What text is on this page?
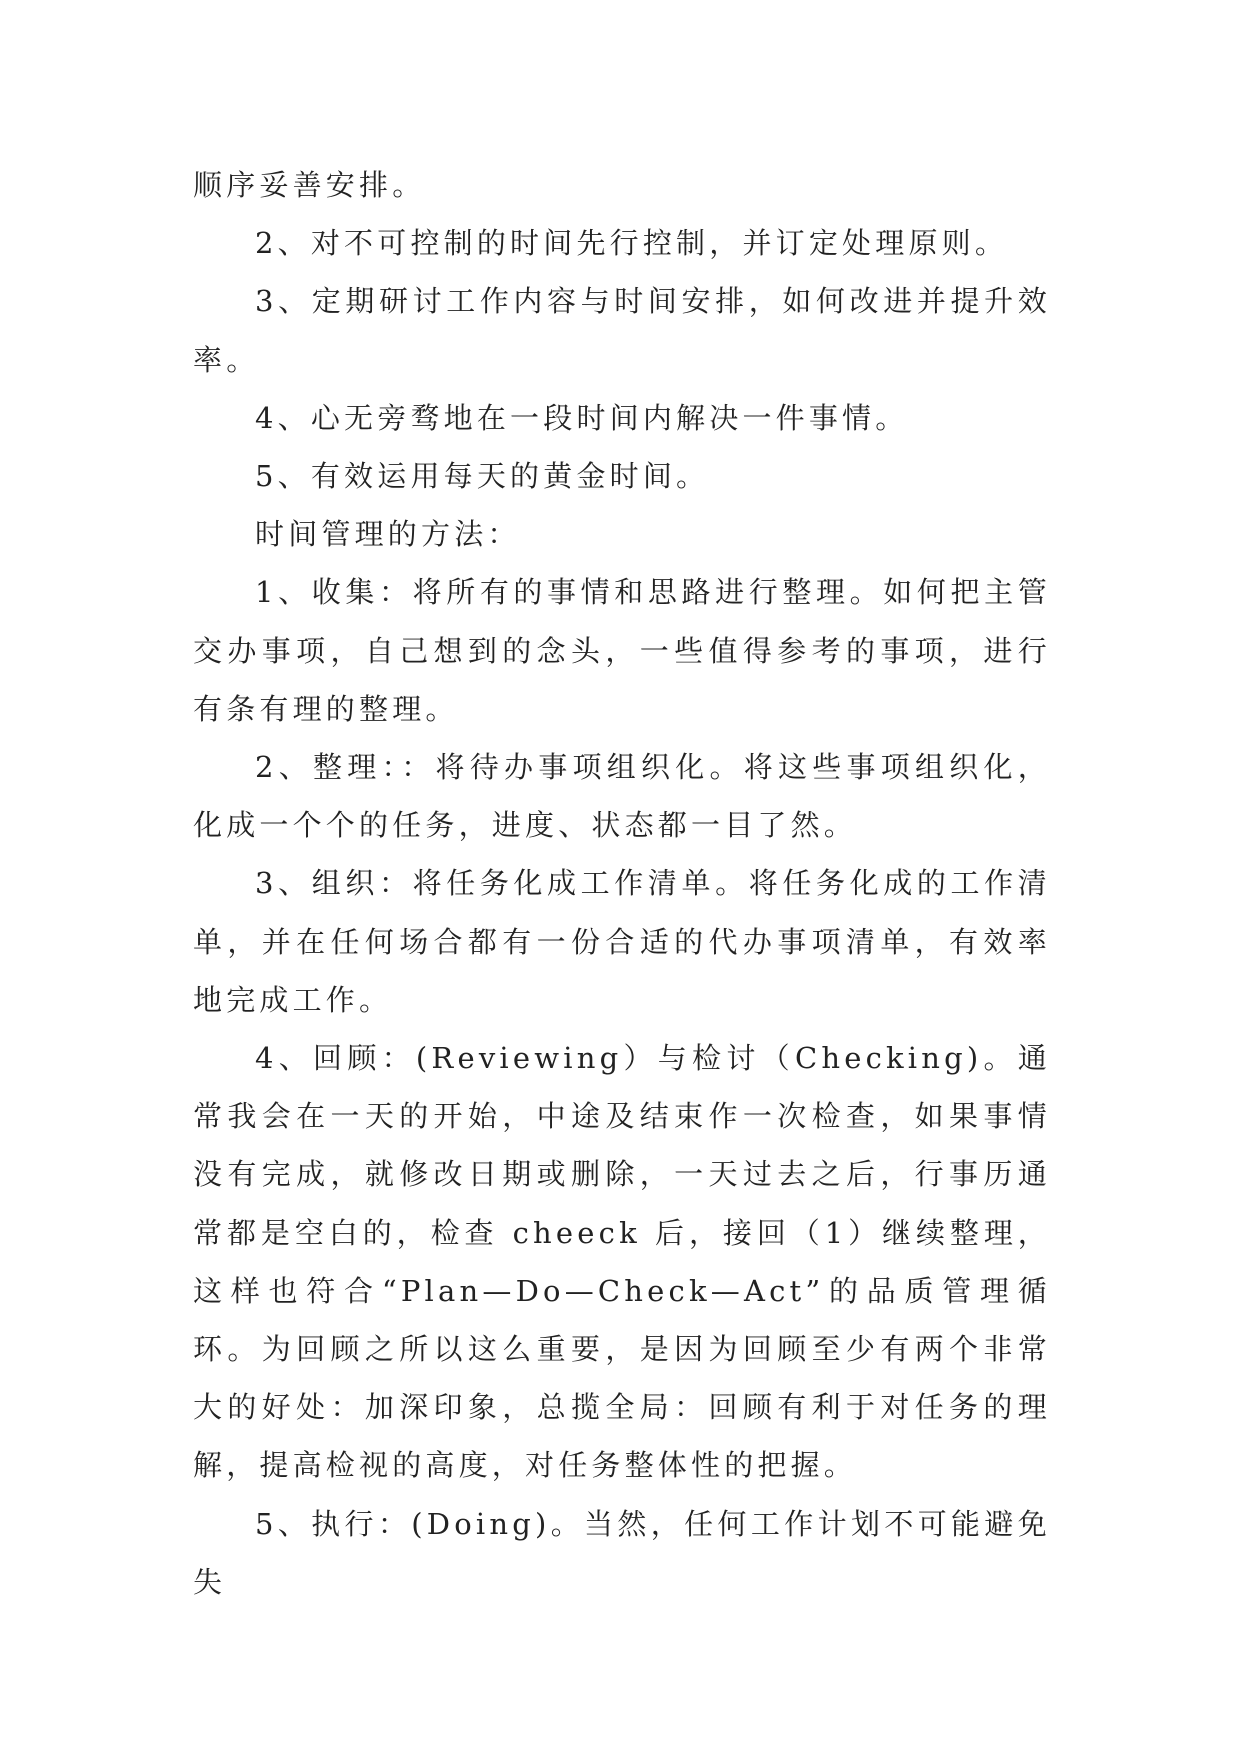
顺序妥善安排。

2、对不可控制的时间先行控制，并订定处理原则。

3、定期研讨工作内容与时间安排，如何改进并提升效率。

4、心无旁骛地在一段时间内解决一件事情。

5、有效运用每天的黄金时间。

时间管理的方法：

1、收集：将所有的事情和思路进行整理。如何把主管交办事项，自己想到的念头，一些值得参考的事项，进行有条有理的整理。

2、整理：：将待办事项组织化。将这些事项组织化，化成一个个的任务，进度、状态都一目了然。

3、组织：将任务化成工作清单。将任务化成的工作清单，并在任何场合都有一份合适的代办事项清单，有效率地完成工作。

4、回顾：(Reviewing）与检讨（Checking)。通常我会在一天的开始，中途及结束作一次检查，如果事情没有完成，就修改日期或删除，一天过去之后，行事历通常都是空白的，检查 cheeck 后，接回（1）继续整理，这样也符合“Plan—Do—Check—Act”的品质管理循环。为回顾之所以这么重要，是因为回顾至少有两个非常大的好处：加深印象，总揽全局：回顾有利于对任务的理解，提高检视的高度，对任务整体性的把握。

5、执行：(Doing)。当然，任何工作计划不可能避免失
